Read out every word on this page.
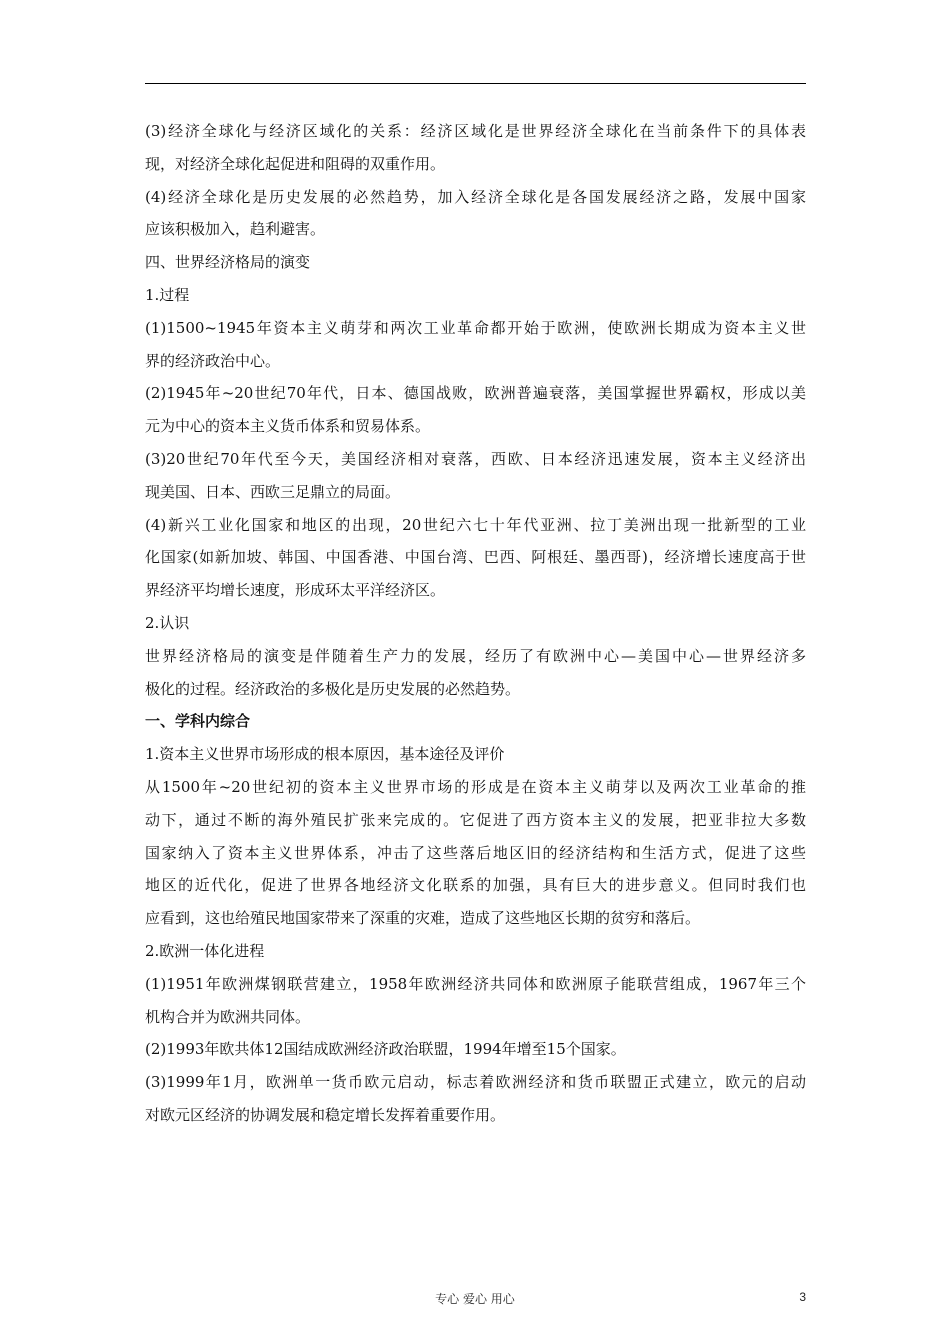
(3)经济全球化与经济区域化的关系：经济区域化是世界经济全球化在当前条件下的具体表
现，对经济全球化起促进和阻碍的双重作用。
(4)经济全球化是历史发展的必然趋势，加入经济全球化是各国发展经济之路，发展中国家
应该积极加入，趋利避害。
四、世界经济格局的演变
1.过程
(1)1500~1945年资本主义萌芽和两次工业革命都开始于欧洲，使欧洲长期成为资本主义世
界的经济政治中心。
(2)1945年~20世纪70年代，日本、德国战败，欧洲普遍衰落，美国掌握世界霸权，形成以美
元为中心的资本主义货币体系和贸易体系。
(3)20世纪70年代至今天，美国经济相对衰落，西欧、日本经济迅速发展，资本主义经济出
现美国、日本、西欧三足鼎立的局面。
(4)新兴工业化国家和地区的出现，20世纪六七十年代亚洲、拉丁美洲出现一批新型的工业
化国家(如新加坡、韩国、中国香港、中国台湾、巴西、阿根廷、墨西哥)，经济增长速度高于世
界经济平均增长速度，形成环太平洋经济区。
2.认识
世界经济格局的演变是伴随着生产力的发展，经历了有欧洲中心—美国中心—世界经济多
极化的过程。经济政治的多极化是历史发展的必然趋势。
一、学科内综合
1.资本主义世界市场形成的根本原因，基本途径及评价
从1500年~20世纪初的资本主义世界市场的形成是在资本主义萌芽以及两次工业革命的推
动下，通过不断的海外殖民扩张来完成的。它促进了西方资本主义的发展，把亚非拉大多数
国家纳入了资本主义世界体系，冲击了这些落后地区旧的经济结构和生活方式，促进了这些
地区的近代化，促进了世界各地经济文化联系的加强，具有巨大的进步意义。但同时我们也
应看到，这也给殖民地国家带来了深重的灾难，造成了这些地区长期的贫穷和落后。
2.欧洲一体化进程
(1)1951年欧洲煤钢联营建立，1958年欧洲经济共同体和欧洲原子能联营组成，1967年三个
机构合并为欧洲共同体。
(2)1993年欧共体12国结成欧洲经济政治联盟，1994年增至15个国家。
(3)1999年1月，欧洲单一货币欧元启动，标志着欧洲经济和货币联盟正式建立，欧元的启动
对欧元区经济的协调发展和稳定增长发挥着重要作用。
专心 爱心 用心	3
